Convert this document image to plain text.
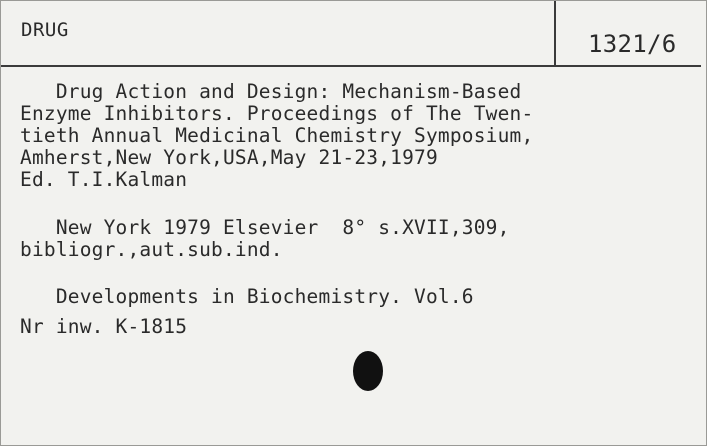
DRUG	1321/6
Drug Action and Design: Mechanism-Based
Enzyme Inhibitors. Proceedings of The Twen-
tieth Annual Medicinal Chemistry Symposium,
Amherst,New York,USA,May 21-23,1979
Ed. T.I.Kalman
New York 1979 Elsevier  8° s.XVII,309,
bibliogr.,aut.sub.ind.
Developments in Biochemistry. Vol.6
Nr inw. K-1815
